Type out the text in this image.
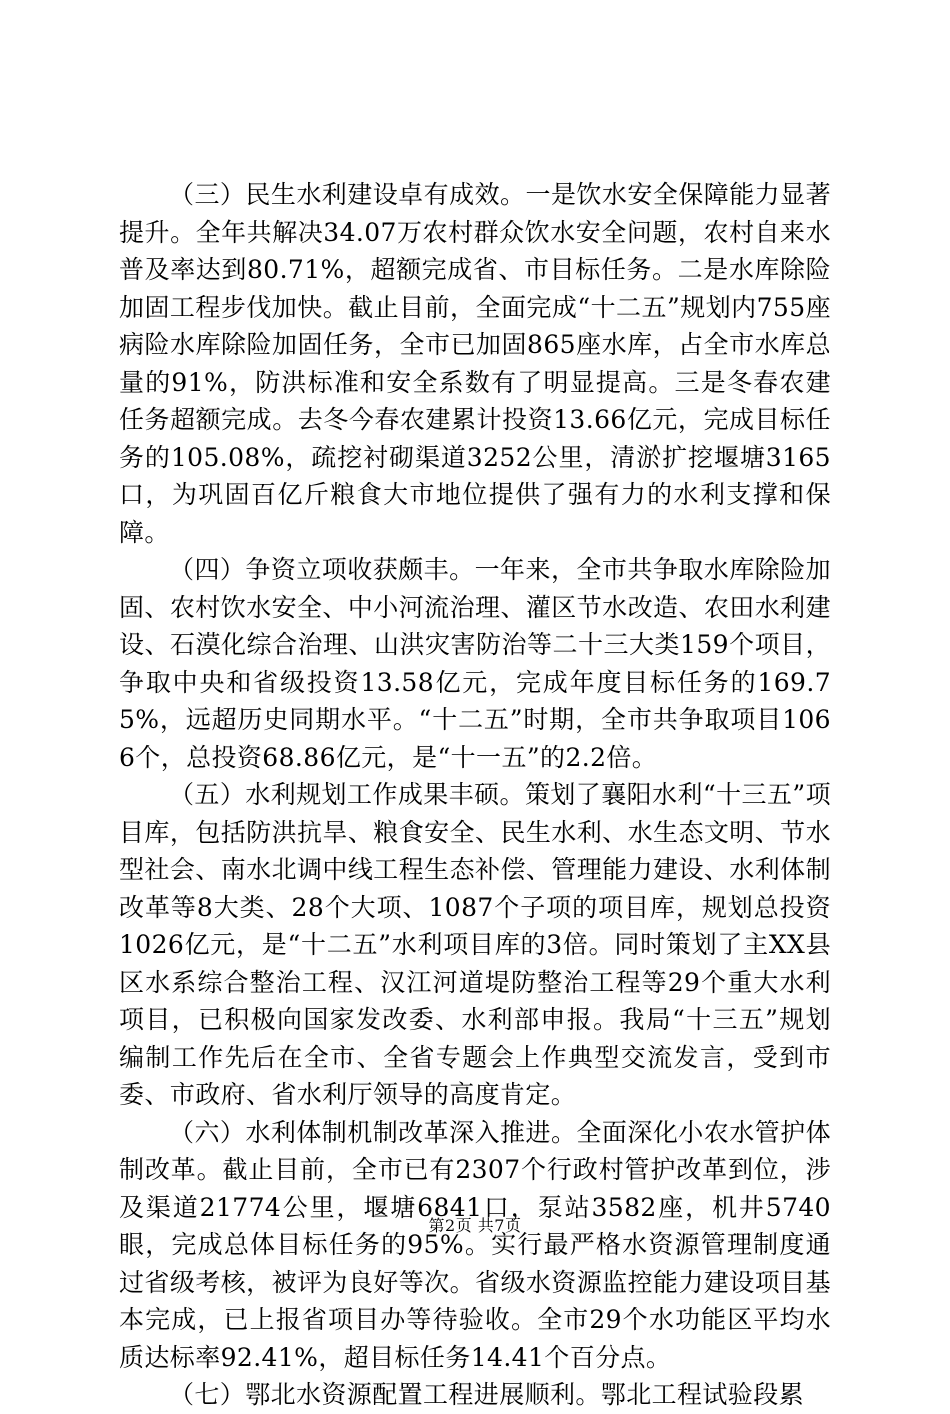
（三）民生水利建设卓有成效。一是饮水安全保障能力显著提升。全年共解决34.07万农村群众饮水安全问题，农村自来水普及率达到80.71%，超额完成省、市目标任务。二是水库除险加固工程步伐加快。截止目前，全面完成“十二五”规划内755座病险水库除险加固任务，全市已加固865座水库，占全市水库总量的91%，防洪标准和安全系数有了明显提高。三是冬春农建任务超额完成。去冬今春农建累计投资13.66亿元，完成目标任务的105.08%，疏挖衬砌渠道3252公里，清淤扩挖堰塘3165口，为巩固百亿斤粮食大市地位提供了强有力的水利支撑和保障。

（四）争资立项收获颇丰。一年来，全市共争取水库除险加固、农村饮水安全、中小河流治理、灌区节水改造、农田水利建设、石漠化综合治理、山洪灾害防治等二十三大类159个项目，争取中央和省级投资13.58亿元，完成年度目标任务的169.75%，远超历史同期水平。“十二五”时期，全市共争取项目1066个，总投资68.86亿元，是“十一五”的2.2倍。

（五）水利规划工作成果丰硕。策划了襄阳水利“十三五”项目库，包括防洪抗旱、粮食安全、民生水利、水生态文明、节水型社会、南水北调中线工程生态补偿、管理能力建设、水利体制改革等8大类、28个大项、1087个子项的项目库，规划总投资1026亿元，是“十二五”水利项目库的3倍。同时策划了主XX县区水系综合整治工程、汉江河道堤防整治工程等29个重大水利项目，已积极向国家发改委、水利部申报。我局“十三五”规划编制工作先后在全市、全省专题会上作典型交流发言，受到市委、市政府、省水利厅领导的高度肯定。

（六）水利体制机制改革深入推进。全面深化小农水管护体制改革。截止目前，全市已有2307个行政村管护改革到位，涉及渠道21774公里，堰塘6841口，泵站3582座，机井5740眼，完成总体目标任务的95%。实行最严格水资源管理制度通过省级考核，被评为良好等次。省级水资源监控能力建设项目基本完成，已上报省项目办等待验收。全市29个水功能区平均水质达标率92.41%，超目标任务14.41个百分点。

（七）鄂北水资源配置工程进展顺利。鄂北工程试验段累

第2页 共7页
